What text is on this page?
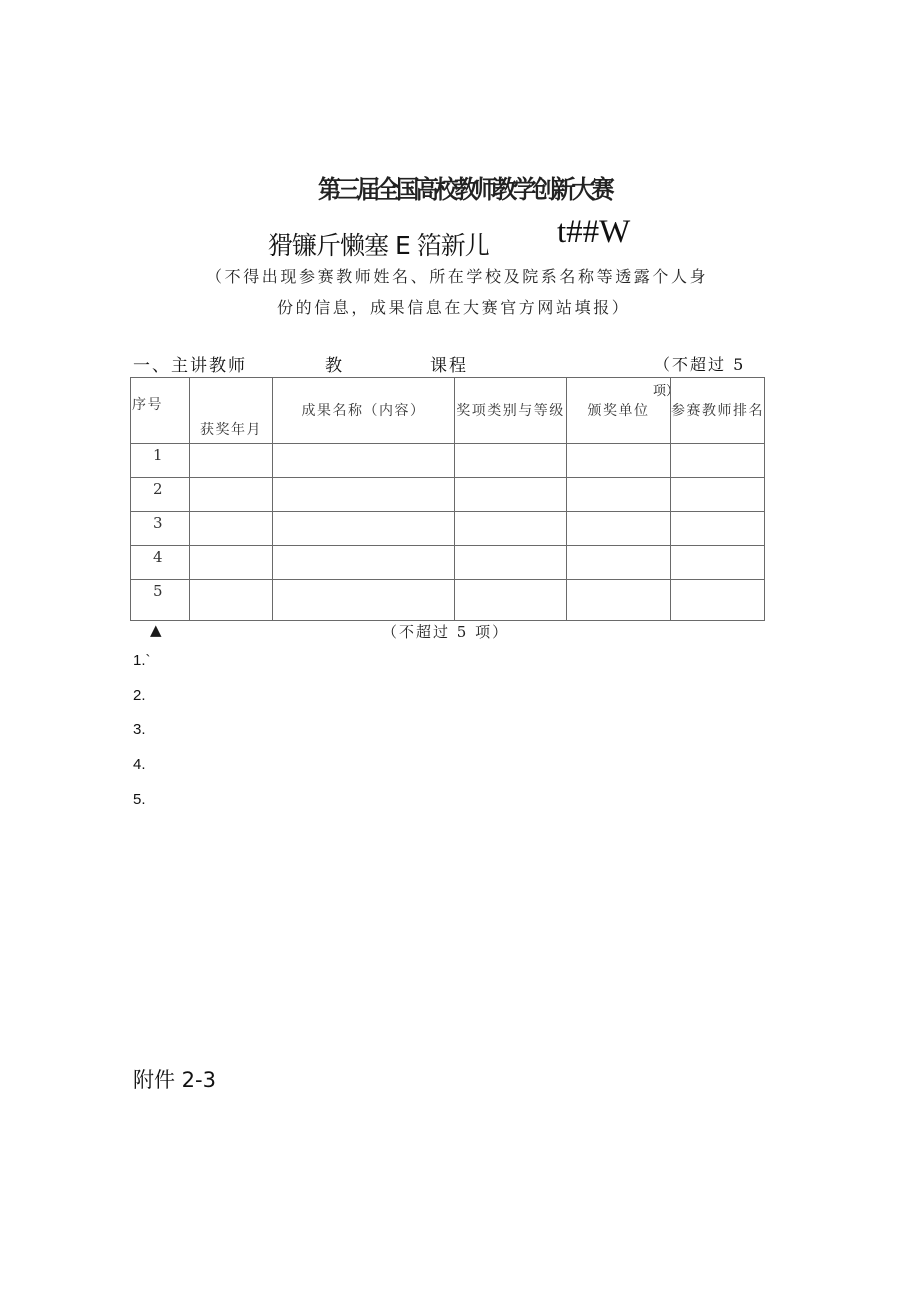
第三届全国高校教师教学创新大赛
猾镰斤懒塞 E 箔新儿 t##W
（不得出现参赛教师姓名、所在学校及院系名称等透露个人身
份的信息，成果信息在大赛官方网站填报）
一、主讲教师	教	课程	（不超过 5
项）
序号	获奖年月	成果名称（内容）	奖项类别与等级	颁奖单位	参赛教师排名
1					
2					
3					
4					
5					
▲	（不超过 5 项）
1.`
2.
3.
4.
5.
附件 2-3
